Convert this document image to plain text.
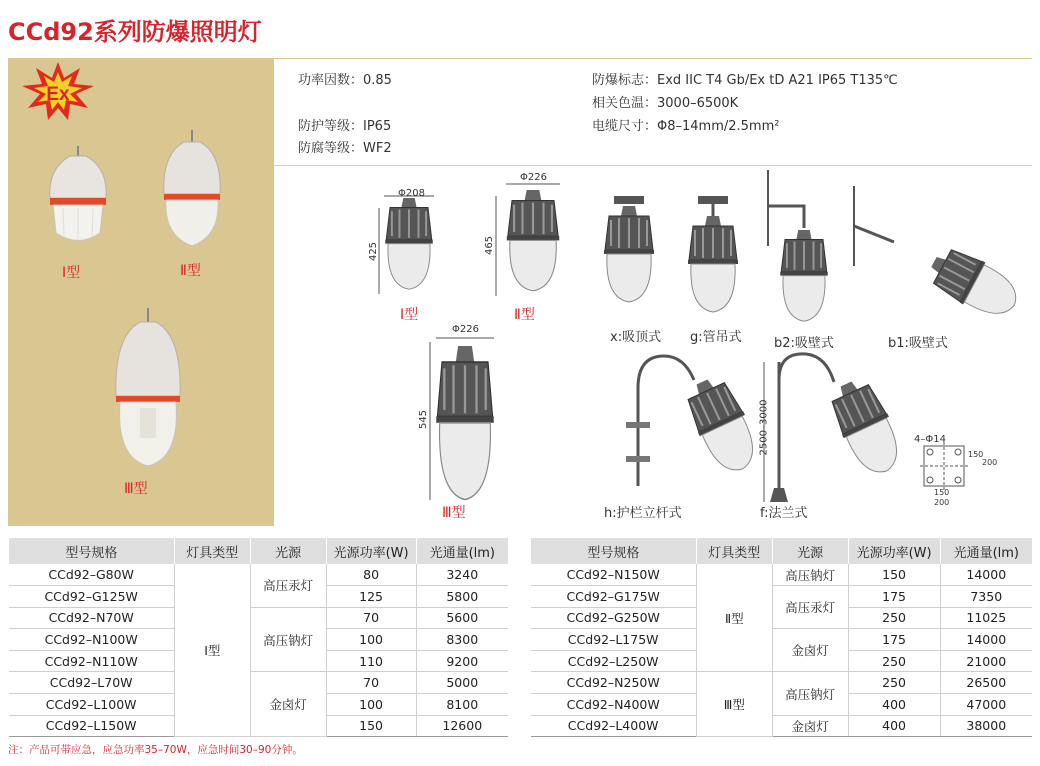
CCd92系列防爆照明灯
Ex
Ⅰ型	Ⅱ型
Ⅲ型
功率因数：0.85
防护等级：IP65
防腐等级：WF2
防爆标志：Exd IIC T4 Gb/Ex tD A21 IP65 T135℃
相关色温：3000–6500K
电缆尺寸：Φ8–14mm/2.5mm²
Φ208
425
Ⅰ型
Φ226
465
Ⅱ型
Φ226
545
Ⅲ型
x:吸顶式 g:管吊式 b2:吸壁式	b1:吸壁式
h:护栏立杆式	f:法兰式
2500–3000	4–Φ14
150
200
150
200
型号规格	灯具类型	光源	光源功率(W)	光通量(lm)
CCd92–G80W	Ⅰ型	高压汞灯	80	3240
CCd92–G125W			125	5800
CCd92–N70W		高压钠灯	70	5600
CCd92–N100W			100	8300
CCd92–N110W			110	9200
CCd92–L70W		金卤灯	70	5000
CCd92–L100W			100	8100
CCd92–L150W			150	12600
型号规格	灯具类型	光源	光源功率(W)	光通量(lm)
CCd92–N150W	Ⅱ型	高压钠灯	150	14000
CCd92–G175W		高压汞灯	175	7350
CCd92–G250W			250	11025
CCd92–L175W		金卤灯	175	14000
CCd92–L250W			250	21000
CCd92–N250W	Ⅲ型	高压钠灯	250	26500
CCd92–N400W			400	47000
CCd92–L400W		金卤灯	400	38000
注：产品可带应急，应急功率35–70W，应急时间30–90分钟。
